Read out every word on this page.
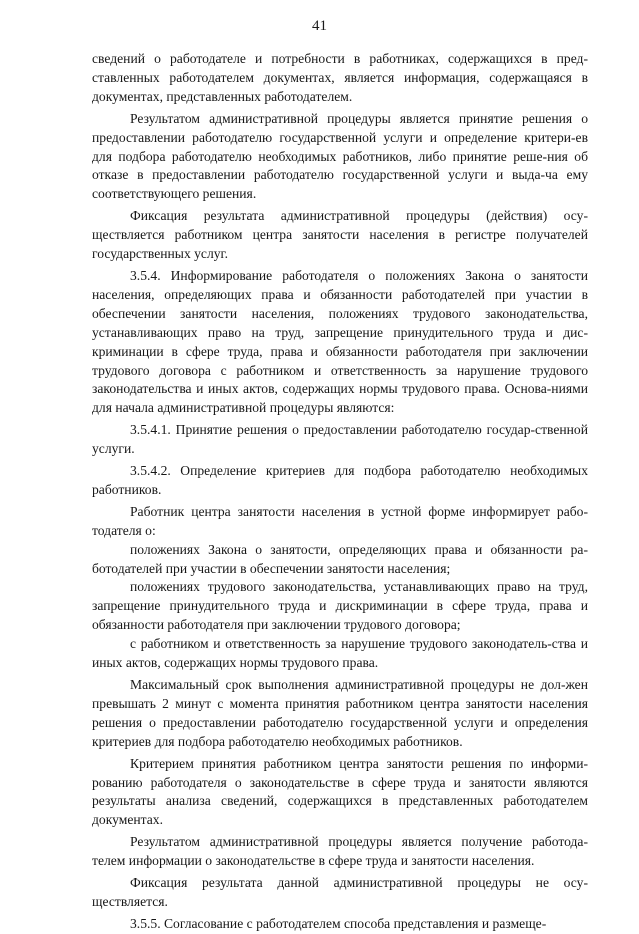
41

сведений о работодателе и потребности в работниках, содержащихся в пред-ставленных работодателем документах, является информация, содержащаяся в документах, представленных работодателем.

Результатом административной процедуры является принятие решения о предоставлении работодателю государственной услуги и определение критери-ев для подбора работодателю необходимых работников, либо принятие реше-ния об отказе в предоставлении работодателю государственной услуги и выда-ча ему соответствующего решения.

Фиксация результата административной процедуры (действия) осу-ществляется работником центра занятости населения в регистре получателей государственных услуг.

3.5.4. Информирование работодателя о положениях Закона о занятости населения, определяющих права и обязанности работодателей при участии в обеспечении занятости населения, положениях трудового законодательства, устанавливающих право на труд, запрещение принудительного труда и дис-криминации в сфере труда, права и обязанности работодателя при заключении трудового договора с работником и ответственность за нарушение трудового законодательства и иных актов, содержащих нормы трудового права. Основа-ниями для начала административной процедуры являются:

3.5.4.1. Принятие решения о предоставлении работодателю государ-ственной услуги.

3.5.4.2. Определение критериев для подбора работодателю необходимых работников.

Работник центра занятости населения в устной форме информирует рабо-тодателя о:

положениях Закона о занятости, определяющих права и обязанности ра-ботодателей при участии в обеспечении занятости населения;

положениях трудового законодательства, устанавливающих право на труд, запрещение принудительного труда и дискриминации в сфере труда, права и обязанности работодателя при заключении трудового договора;

с работником и ответственность за нарушение трудового законодатель-ства и иных актов, содержащих нормы трудового права.

Максимальный срок выполнения административной процедуры не дол-жен превышать 2 минут с момента принятия работником центра занятости населения решения о предоставлении работодателю государственной услуги и определения критериев для подбора работодателю необходимых работников.

Критерием принятия работником центра занятости решения по информи-рованию работодателя о законодательстве в сфере труда и занятости являются результаты анализа сведений, содержащихся в представленных работодателем документах.

Результатом административной процедуры является получение работода-телем информации о законодательстве в сфере труда и занятости населения.

Фиксация результата данной административной процедуры не осу-ществляется.

3.5.5. Согласование с работодателем способа представления и размеще-
